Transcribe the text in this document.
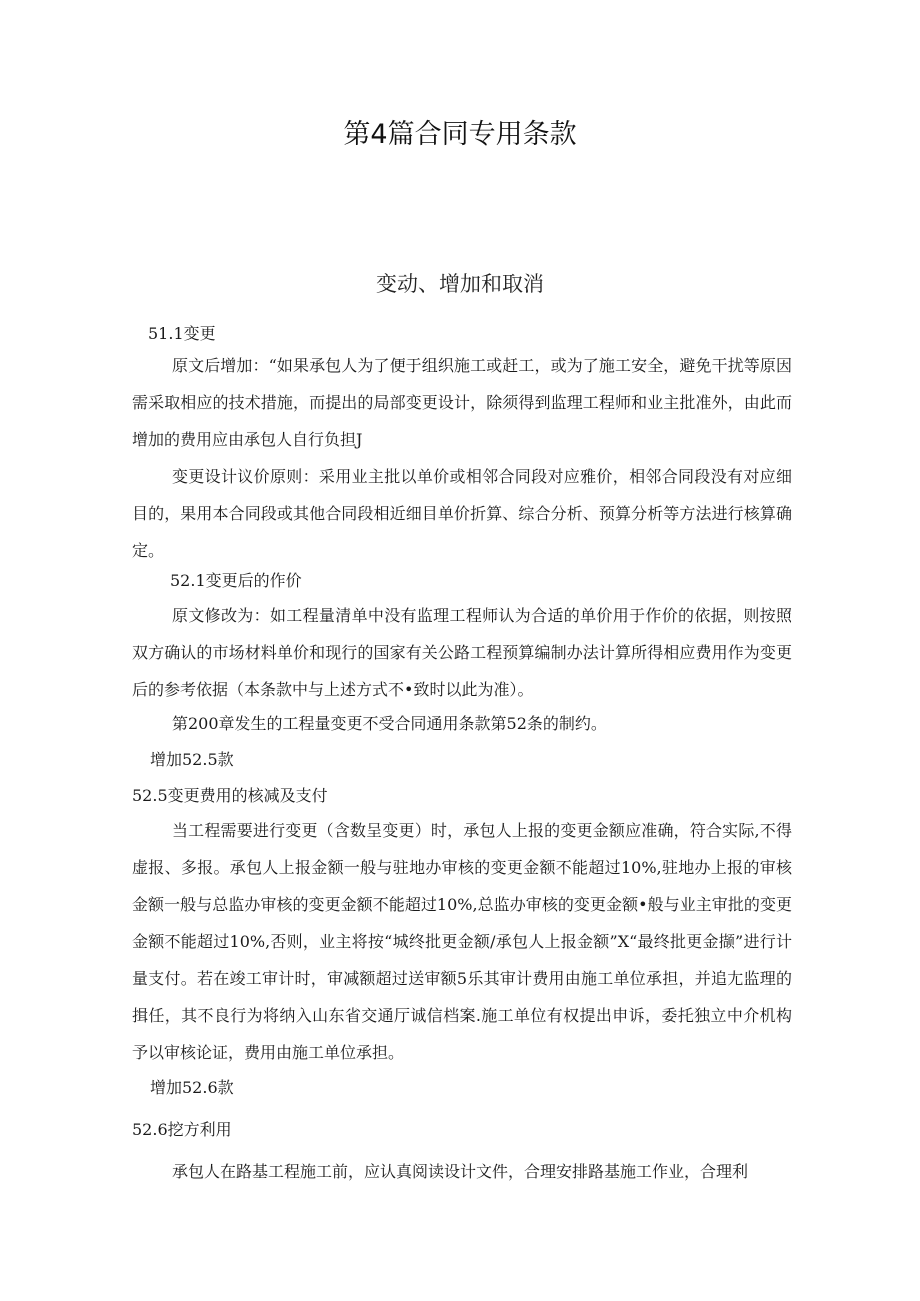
第4篇合同专用条款
变动、增加和取消
51.1变更
原文后增加：“如果承包人为了便于组织施工或赶工，或为了施工安全，避免干扰等原因需采取相应的技术措施，而提出的局部变更设计，除须得到监理工程师和业主批准外，由此而增加的费用应由承包人自行负担J
变更设计议价原则：采用业主批以单价或相邻合同段对应雅价，相邻合同段没有对应细目的，果用本合同段或其他合同段相近细目单价折算、综合分析、预算分析等方法进行核算确定。
52.1变更后的作价
原文修改为：如工程量清单中没有监理工程师认为合适的单价用于作价的依据，则按照双方确认的市场材料单价和现行的国家有关公路工程预算编制办法计算所得相应费用作为变更后的参考依据（本条款中与上述方式不•致时以此为准）。
第200章发生的工程量变更不受合同通用条款第52条的制约。
增加52.5款
52.5变更费用的核减及支付
当工程需要进行变更（含数呈变更）时，承包人上报的变更金额应准确，符合实际,不得虚报、多报。承包人上报金额一般与驻地办审核的变更金额不能超过10%,驻地办上报的审核金额一般与总监办审核的变更金额不能超过10%,总监办审核的变更金额•般与业主审批的变更金额不能超过10%,否则，业主将按“城终批更金额/承包人上报金额”X“最终批更金撷”进行计量支付。若在竣工审计时，审减额超过送审额5乐其审计费用由施工单位承担，并追尢监理的揖任，其不良行为将纳入山东省交通厅诚信档案.施工单位有权提出申诉，委托独立中介机构予以审核论证，费用由施工单位承担。
增加52.6款
52.6挖方利用
承包人在路基工程施工前，应认真阅读设计文件，合理安排路基施工作业，合理利
